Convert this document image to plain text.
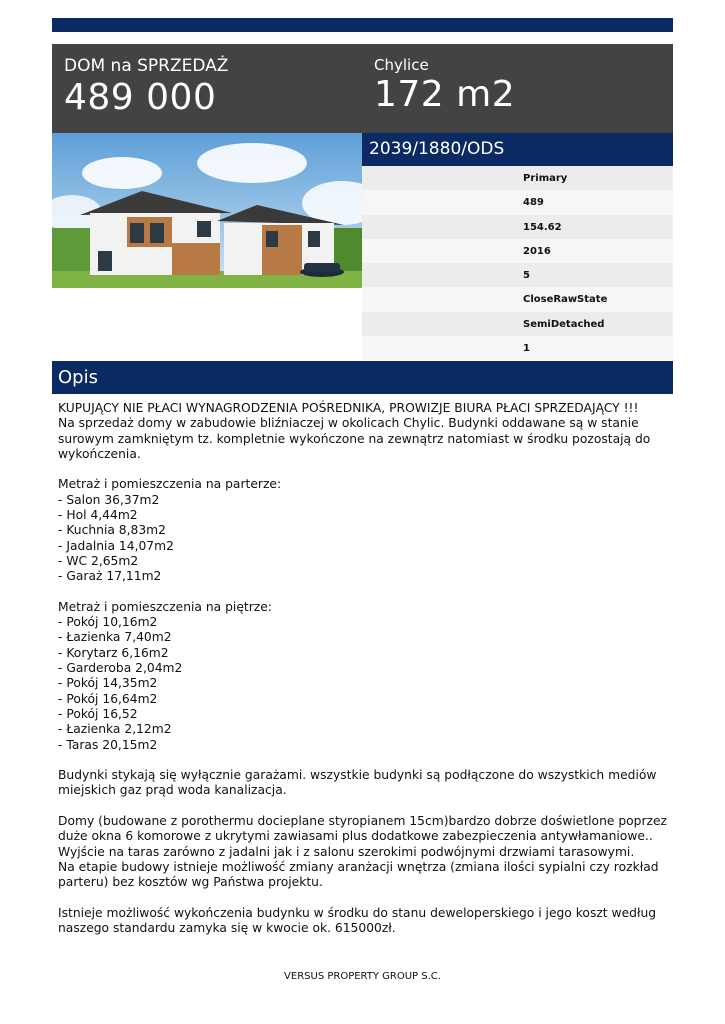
DOM na SPRZEDAŻ
489 000
Chylice
172 m2
2039/1880/ODS
Primary
489
154.62
2016
5
CloseRawState
SemiDetached
1
Opis

KUPUJĄCY NIE PŁACI WYNAGRODZENIA POŚREDNIKA, PROWIZJE BIURA PŁACI SPRZEDAJĄCY !!!

Na sprzedaż domy w zabudowie bliźniaczej w okolicach Chylic. Budynki oddawane są w stanie

surowym zamkniętym tz. kompletnie wykończone na zewnątrz natomiast w środku pozostają do

wykończenia.

Metraż i pomieszczenia na parterze:

- Salon 36,37m2

- Hol 4,44m2

- Kuchnia 8,83m2

- Jadalnia 14,07m2

- WC 2,65m2

- Garaż 17,11m2

Metraż i pomieszczenia na piętrze:

- Pokój 10,16m2

- Łazienka 7,40m2

- Korytarz 6,16m2

- Garderoba 2,04m2

- Pokój 14,35m2

- Pokój 16,64m2

- Pokój 16,52

- Łazienka 2,12m2

- Taras 20,15m2

Budynki stykają się wyłącznie garażami. wszystkie budynki są podłączone do wszystkich mediów

miejskich gaz prąd woda kanalizacja.

Domy (budowane z porothermu docieplane styropianem 15cm)bardzo dobrze doświetlone poprzez

duże okna 6 komorowe z ukrytymi zawiasami plus dodatkowe zabezpieczenia antywłamaniowe..

Wyjście na taras zarówno z jadalni jak i z salonu szerokimi podwójnymi drzwiami tarasowymi.

Na etapie budowy istnieje możliwość zmiany aranżacji wnętrza (zmiana ilości sypialni czy rozkład

parteru) bez kosztów wg Państwa projektu.

Istnieje możliwość wykończenia budynku w środku do stanu deweloperskiego i jego koszt według

naszego standardu zamyka się w kwocie ok. 615000zł.

VERSUS PROPERTY GROUP S.C.
